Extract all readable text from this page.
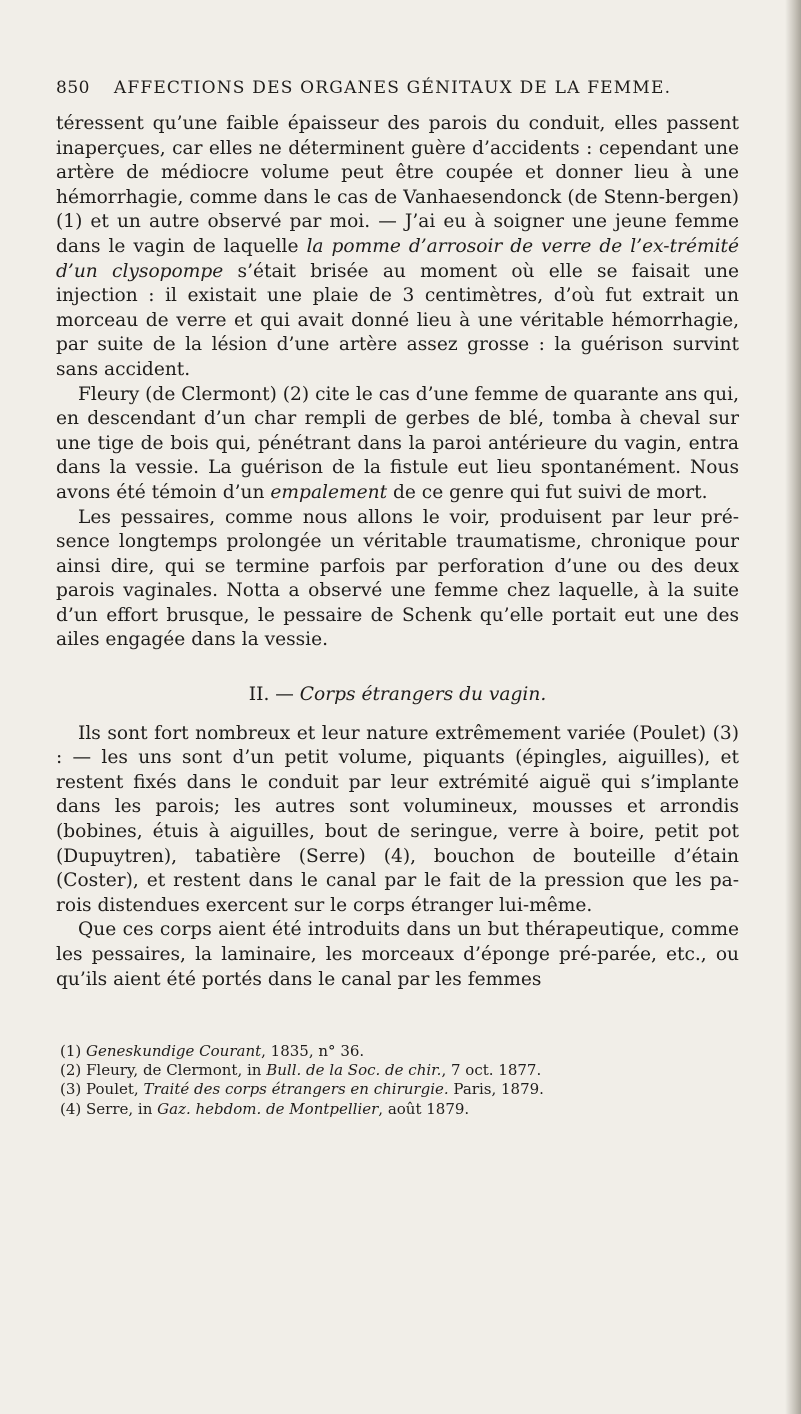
850 AFFECTIONS DES ORGANES GÉNITAUX DE LA FEMME.

téressent qu’une faible épaisseur des parois du conduit, elles passent inaperçues, car elles ne déterminent guère d’accidents : cependant une artère de médiocre volume peut être coupée et donner lieu à une hémorrhagie, comme dans le cas de Vanhaesendonck (de Stenn-bergen) (1) et un autre observé par moi. — J’ai eu à soigner une jeune femme dans le vagin de laquelle la pomme d’arrosoir de verre de l’ex-trémité d’un clysopompe s’était brisée au moment où elle se faisait une injection : il existait une plaie de 3 centimètres, d’où fut extrait un morceau de verre et qui avait donné lieu à une véritable hémorrhagie, par suite de la lésion d’une artère assez grosse : la guérison survint sans accident.

Fleury (de Clermont) (2) cite le cas d’une femme de quarante ans qui, en descendant d’un char rempli de gerbes de blé, tomba à cheval sur une tige de bois qui, pénétrant dans la paroi antérieure du vagin, entra dans la vessie. La guérison de la fistule eut lieu spontanément. Nous avons été témoin d’un empalement de ce genre qui fut suivi de mort.

Les pessaires, comme nous allons le voir, produisent par leur pré-sence longtemps prolongée un véritable traumatisme, chronique pour ainsi dire, qui se termine parfois par perforation d’une ou des deux parois vaginales. Notta a observé une femme chez laquelle, à la suite d’un effort brusque, le pessaire de Schenk qu’elle portait eut une des ailes engagée dans la vessie.

II. — Corps étrangers du vagin.

Ils sont fort nombreux et leur nature extrêmement variée (Poulet) (3) : — les uns sont d’un petit volume, piquants (épingles, aiguilles), et restent fixés dans le conduit par leur extrémité aiguë qui s’implante dans les parois; les autres sont volumineux, mousses et arrondis (bobines, étuis à aiguilles, bout de seringue, verre à boire, petit pot (Dupuytren), tabatière (Serre) (4), bouchon de bouteille d’étain (Coster), et restent dans le canal par le fait de la pression que les pa-rois distendues exercent sur le corps étranger lui-même.

Que ces corps aient été introduits dans un but thérapeutique, comme les pessaires, la laminaire, les morceaux d’éponge pré-parée, etc., ou qu’ils aient été portés dans le canal par les femmes

(1) Geneskundige Courant, 1835, n° 36.
(2) Fleury, de Clermont, in Bull. de la Soc. de chir., 7 oct. 1877.
(3) Poulet, Traité des corps étrangers en chirurgie. Paris, 1879.
(4) Serre, in Gaz. hebdom. de Montpellier, août 1879.
